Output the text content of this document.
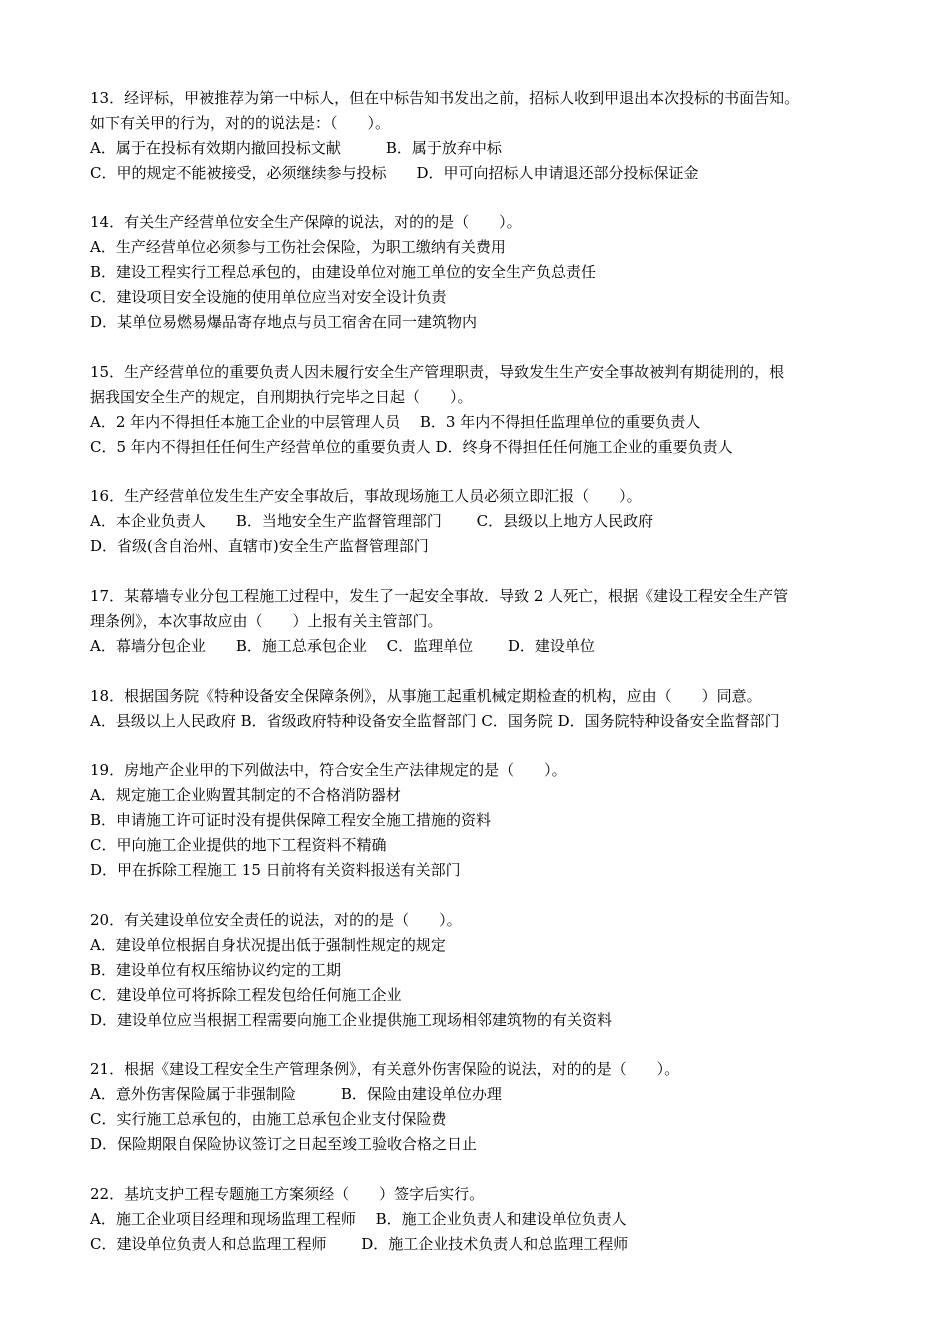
13．经评标，甲被推荐为第一中标人，但在中标告知书发出之前，招标人收到甲退出本次投标的书面告知。
如下有关甲的行为，对的的说法是：（　　）。
A．属于在投标有效期内撤回投标文献　　　B．属于放弃中标
C．甲的规定不能被接受，必须继续参与投标　　D．甲可向招标人申请退还部分投标保证金
14．有关生产经营单位安全生产保障的说法，对的的是（　　）。
A．生产经营单位必须参与工伤社会保险，为职工缴纳有关费用
B．建设工程实行工程总承包的，由建设单位对施工单位的安全生产负总责任
C．建设项目安全设施的使用单位应当对安全设计负责
D．某单位易燃易爆品寄存地点与员工宿舍在同一建筑物内
15．生产经营单位的重要负责人因未履行安全生产管理职责，导致发生生产安全事故被判有期徒刑的，根
据我国安全生产的规定，自刑期执行完毕之日起（　　）。
A．2 年内不得担任本施工企业的中层管理人员　 B．3 年内不得担任监理单位的重要负责人
C．5 年内不得担任任何生产经营单位的重要负责人 D．终身不得担任任何施工企业的重要负责人
16．生产经营单位发生生产安全事故后，事故现场施工人员必须立即汇报（　　）。
A．本企业负责人　　B．当地安全生产监督管理部门　　 C．县级以上地方人民政府
D．省级(含自治州、直辖市)安全生产监督管理部门
17．某幕墙专业分包工程施工过程中，发生了一起安全事故．导致 2 人死亡，根据《建设工程安全生产管
理条例》，本次事故应由（　　）上报有关主管部门。
A．幕墙分包企业　　B．施工总承包企业　 C．监理单位　　 D．建设单位
18．根据国务院《特种设备安全保障条例》，从事施工起重机械定期检查的机构，应由（　　）同意。
A．县级以上人民政府 B．省级政府特种设备安全监督部门 C．国务院 D．国务院特种设备安全监督部门
19．房地产企业甲的下列做法中，符合安全生产法律规定的是（　　）。
A．规定施工企业购置其制定的不合格消防器材
B．申请施工许可证时没有提供保障工程安全施工措施的资料
C．甲向施工企业提供的地下工程资料不精确
D．甲在拆除工程施工 15 日前将有关资料报送有关部门
20．有关建设单位安全责任的说法，对的的是（　　）。
A．建设单位根据自身状况提出低于强制性规定的规定
B．建设单位有权压缩协议约定的工期
C．建设单位可将拆除工程发包给任何施工企业
D．建设单位应当根据工程需要向施工企业提供施工现场相邻建筑物的有关资料
21．根据《建设工程安全生产管理条例》，有关意外伤害保险的说法，对的的是（　　）。
A．意外伤害保险属于非强制险　　　B．保险由建设单位办理
C．实行施工总承包的，由施工总承包企业支付保险费
D．保险期限自保险协议签订之日起至竣工验收合格之日止
22．基坑支护工程专题施工方案须经（　　）签字后实行。
A．施工企业项目经理和现场监理工程师　 B．施工企业负责人和建设单位负责人
C．建设单位负责人和总监理工程师　　 D．施工企业技术负责人和总监理工程师
